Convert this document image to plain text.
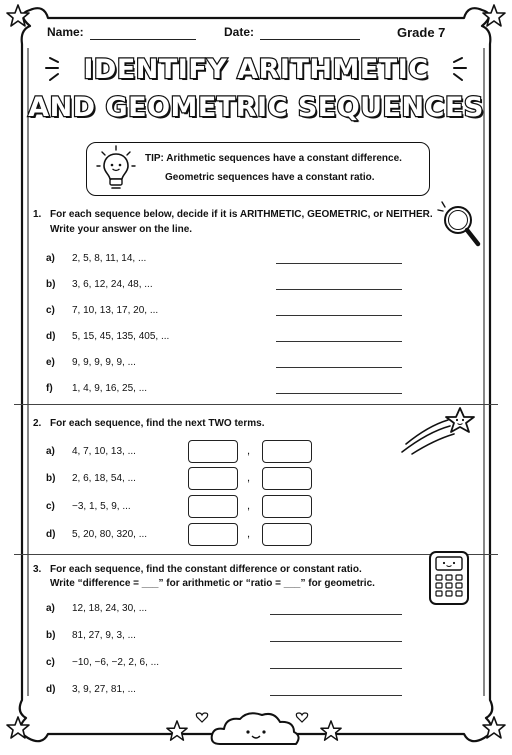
Name:	Date:	Grade 7
IDENTIFY ARITHMETIC
AND GEOMETRIC SEQUENCES
TIP: Arithmetic sequences have a constant difference.
Geometric sequences have a constant ratio.
1. For each sequence below, decide if it is ARITHMETIC, GEOMETRIC, or NEITHER.
Write your answer on the line.
a) 2, 5, 8, 11, 14, ...
b) 3, 6, 12, 24, 48, ...
c) 7, 10, 13, 17, 20, ...
d) 5, 15, 45, 135, 405, ...
e) 9, 9, 9, 9, 9, ...
f) 1, 4, 9, 16, 25, ...
2. For each sequence, find the next TWO terms.
a) 4, 7, 10, 13, ...	,
b) 2, 6, 18, 54, ...	,
c) −3, 1, 5, 9, ...	,
d) 5, 20, 80, 320, ...	,
3. For each sequence, find the constant difference or constant ratio.
Write “difference = ___” for arithmetic or “ratio = ___” for geometric.
a) 12, 18, 24, 30, ...
b) 81, 27, 9, 3, ...
c) −10, −6, −2, 2, 6, ...
d) 3, 9, 27, 81, ...
